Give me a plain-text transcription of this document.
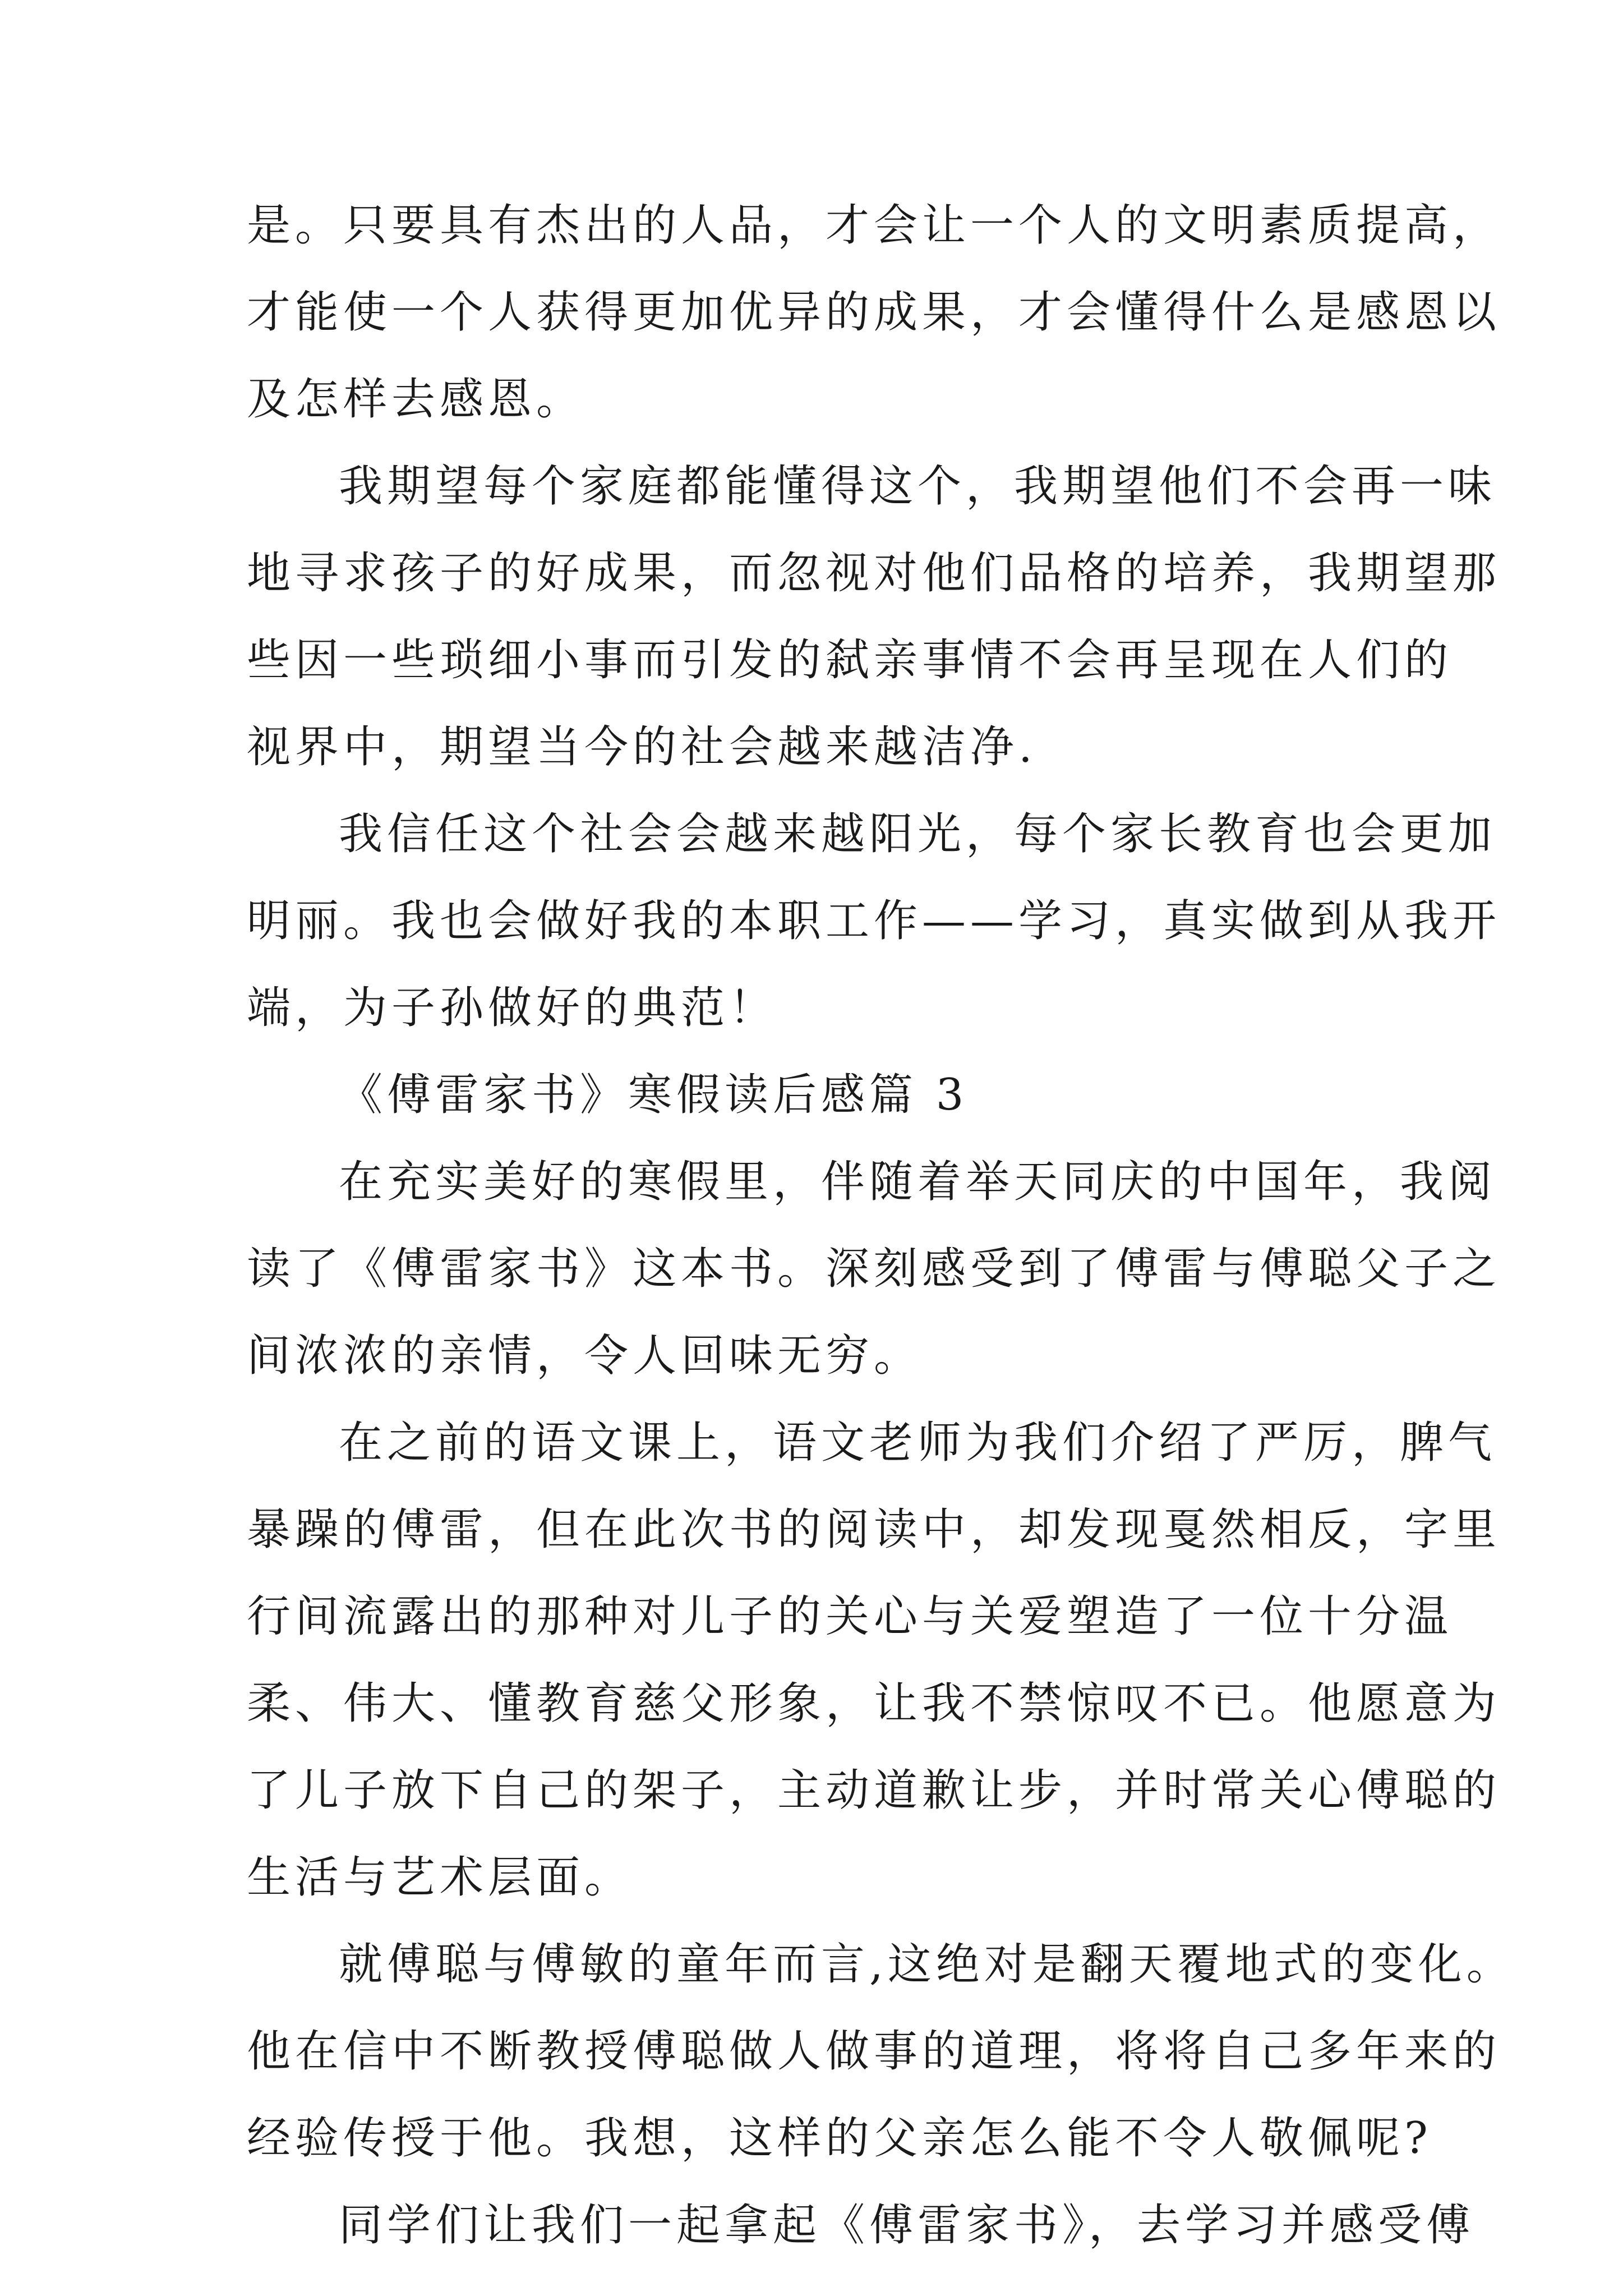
是。只要具有杰出的人品，才会让一个人的文明素质提高，
才能使一个人获得更加优异的成果，才会懂得什么是感恩以
及怎样去感恩。
我期望每个家庭都能懂得这个，我期望他们不会再一味
地寻求孩子的好成果，而忽视对他们品格的培养，我期望那
些因一些琐细小事而引发的弑亲事情不会再呈现在人们的
视界中，期望当今的社会越来越洁净.
我信任这个社会会越来越阳光，每个家长教育也会更加
明丽。我也会做好我的本职工作——学习，真实做到从我开
端，为子孙做好的典范！
《傅雷家书》寒假读后感篇 3
在充实美好的寒假里，伴随着举天同庆的中国年，我阅
读了《傅雷家书》这本书。深刻感受到了傅雷与傅聪父子之
间浓浓的亲情，令人回味无穷。
在之前的语文课上，语文老师为我们介绍了严厉，脾气
暴躁的傅雷，但在此次书的阅读中，却发现戛然相反，字里
行间流露出的那种对儿子的关心与关爱塑造了一位十分温
柔、伟大、懂教育慈父形象，让我不禁惊叹不已。他愿意为
了儿子放下自己的架子，主动道歉让步，并时常关心傅聪的
生活与艺术层面。
就傅聪与傅敏的童年而言,这绝对是翻天覆地式的变化。
他在信中不断教授傅聪做人做事的道理，将将自己多年来的
经验传授于他。我想，这样的父亲怎么能不令人敬佩呢?
同学们让我们一起拿起《傅雷家书》，去学习并感受傅
